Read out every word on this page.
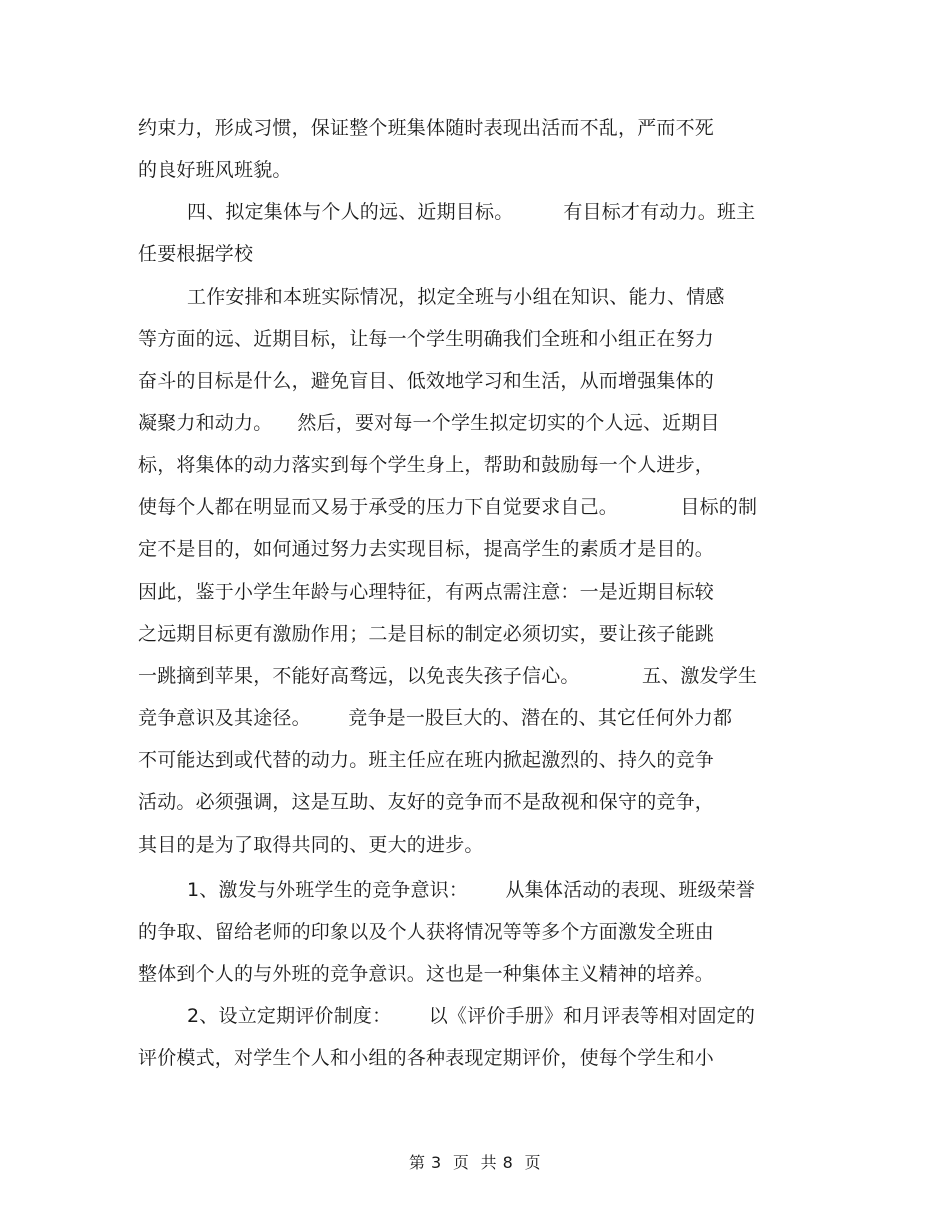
约束力，形成习惯，保证整个班集体随时表现出活而不乱，严而不死
的良好班风班貌。
四、拟定集体与个人的远、近期目标。        有目标才有动力。班主
任要根据学校
工作安排和本班实际情况，拟定全班与小组在知识、能力、情感
等方面的远、近期目标，让每一个学生明确我们全班和小组正在努力
奋斗的目标是什么，避免盲目、低效地学习和生活，从而增强集体的
凝聚力和动力。    然后，要对每一个学生拟定切实的个人远、近期目
标，将集体的动力落实到每个学生身上，帮助和鼓励每一个人进步，
使每个人都在明显而又易于承受的压力下自觉要求自己。          目标的制
定不是目的，如何通过努力去实现目标，提高学生的素质才是目的。
因此，鉴于小学生年龄与心理特征，有两点需注意：一是近期目标较
之远期目标更有激励作用；二是目标的制定必须切实，要让孩子能跳
一跳摘到苹果，不能好高骛远，以免丧失孩子信心。          五、激发学生
竞争意识及其途径。      竞争是一股巨大的、潜在的、其它任何外力都
不可能达到或代替的动力。班主任应在班内掀起激烈的、持久的竞争
活动。必须强调，这是互助、友好的竞争而不是敌视和保守的竞争，
其目的是为了取得共同的、更大的进步。
1、激发与外班学生的竞争意识：      从集体活动的表现、班级荣誉
的争取、留给老师的印象以及个人获将情况等等多个方面激发全班由
整体到个人的与外班的竞争意识。这也是一种集体主义精神的培养。
2、设立定期评价制度：      以《评价手册》和月评表等相对固定的
评价模式，对学生个人和小组的各种表现定期评价，使每个学生和小
第 3  页  共 8  页
